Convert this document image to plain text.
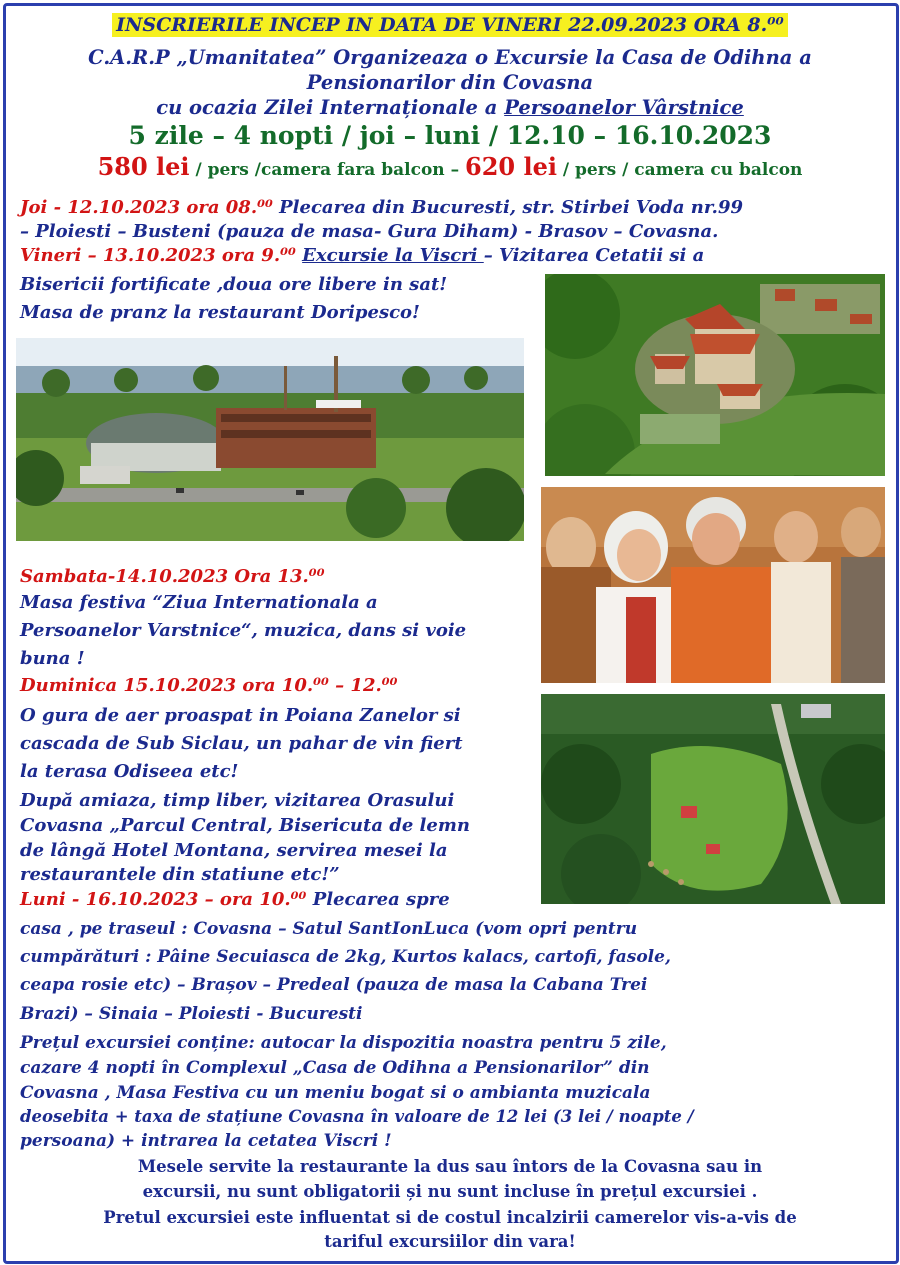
INSCRIERILE INCEP IN DATA DE VINERI 22.09.2023 ORA 8.⁰⁰
C.A.R.P „Umanitatea” Organizeaza o Excursie la Casa de Odihna a
Pensionarilor din Covasna
cu ocazia Zilei Internaționale a Persoanelor Vârstnice
5 zile – 4 nopti / joi – luni / 12.10 – 16.10.2023
580 lei / pers /camera fara balcon – 620 lei / pers / camera cu balcon
Joi - 12.10.2023 ora 08.⁰⁰ Plecarea din Bucuresti, str. Stirbei Voda nr.99
– Ploiesti – Busteni (pauza de masa- Gura Diham) - Brasov – Covasna.
Vineri – 13.10.2023 ora 9.⁰⁰ Excursie la Viscri – Vizitarea Cetatii si a
Bisericii fortificate ,doua ore libere in sat!
Masa de pranz la restaurant Doripesco!
Sambata-14.10.2023 Ora 13.⁰⁰
Masa festiva “Ziua Internationala a
Persoanelor Varstnice“, muzica, dans si voie
buna !
Duminica 15.10.2023 ora 10.⁰⁰ – 12.⁰⁰
O gura de aer proaspat in Poiana Zanelor si
cascada de Sub Siclau, un pahar de vin fiert
la terasa Odiseea etc!
După amiaza, timp liber, vizitarea Orasului
Covasna „Parcul Central, Bisericuta de lemn
de lângă Hotel Montana, servirea mesei la
restaurantele din statiune etc!”
Luni - 16.10.2023 – ora 10.⁰⁰ Plecarea spre
casa , pe traseul : Covasna – Satul SantIonLuca (vom opri pentru
cumpărături : Pâine Secuiasca de 2kg, Kurtos kalacs, cartofi, fasole,
ceapa rosie etc) – Brașov – Predeal (pauza de masa la Cabana Trei
Brazi) – Sinaia – Ploiesti - Bucuresti
Prețul excursiei conține: autocar la dispozitia noastra pentru 5 zile,
cazare 4 nopti în Complexul „Casa de Odihna a Pensionarilor” din
Covasna , Masa Festiva cu un meniu bogat si o ambianta muzicala
deosebita + taxa de stațiune Covasna în valoare de 12 lei (3 lei / noapte /
persoana) + intrarea la cetatea Viscri !
Mesele servite la restaurante la dus sau întors de la Covasna sau in
excursii, nu sunt obligatorii și nu sunt incluse în prețul excursiei .
Pretul excursiei este influentat si de costul incalzirii camerelor vis-a-vis de
tariful excursiilor din vara!
